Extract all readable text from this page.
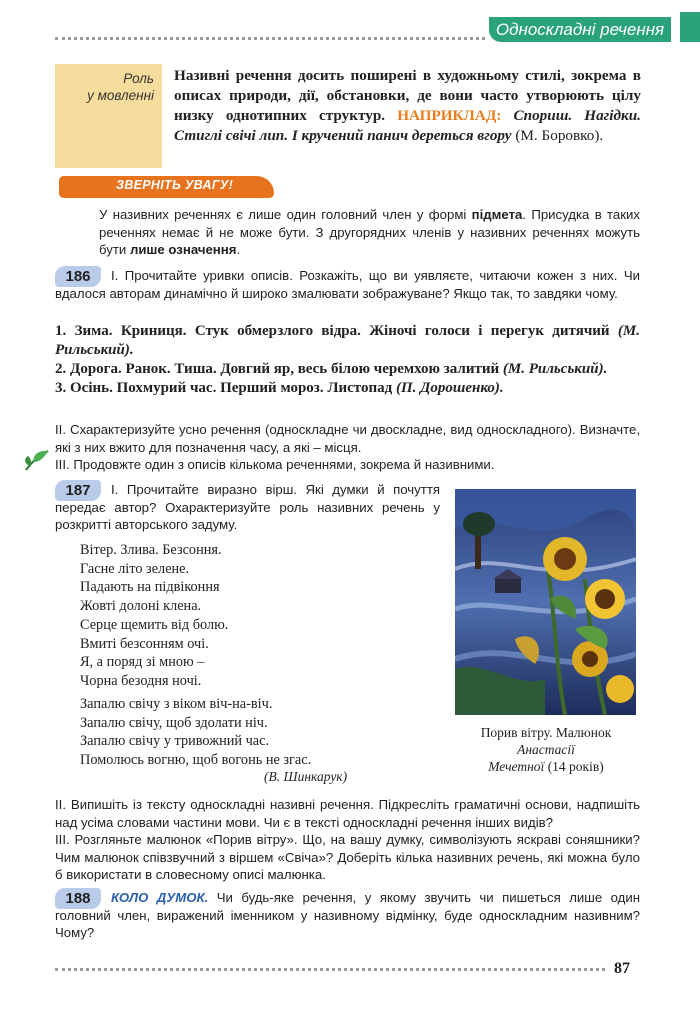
Односкладні речення
Роль
у мовленні
Називні речення досить поширені в художньому стилі, зокрема в описах природи, дії, обстановки, де вони часто утворюють цілу низку однотипних структур. НАПРИКЛАД: Спориш. Нагідки. Стиглі свічі лип. І кручений панич дереться вгору (М. Боровко).
ЗВЕРНІТЬ УВАГУ!
У називних реченнях є лише один головний член у формі підмета. Присудка в таких реченнях немає й не може бути. З другорядних членів у називних реченнях можуть бути лише означення.
186	I. Прочитайте уривки описів. Розкажіть, що ви уявляєте, читаючи кожен з них. Чи вдалося авторам динамічно й широко змалювати зображуване? Якщо так, то завдяки чому.
1. Зима. Криниця. Стук обмерзлого відра. Жіночі голоси і перегук дитячий (М. Рильський).
2. Дорога. Ранок. Тиша. Довгий яр, весь білою черемхою залитий (М. Рильський).
3. Осінь. Похмурий час. Перший мороз. Листопад (П. Дорошенко).
II. Схарактеризуйте усно речення (односкладне чи двоскладне, вид односкладного). Визначте, які з них вжито для позначення часу, а які – місця.
III. Продовжте один з описів кількома реченнями, зокрема й називними.
187	I. Прочитайте виразно вірш. Які думки й почуття передає автор? Охарактеризуйте роль називних речень у розкритті авторського задуму.
Вітер. Злива. Безсоння.
Гасне літо зелене.
Падають на підвіконня
Жовті долоні клена.
Серце щемить від болю.
Вмиті безсонням очі.
Я, а поряд зі мною –
Чорна безодня ночі.
Запалю свічу з віком віч-на-віч.
Запалю свічу, щоб здолати ніч.
Запалю свічу у тривожний час.
Помолюсь вогню, щоб вогонь не згас.
(В. Шинкарук)
Порив вітру. Малюнок
Анастасії
Мечетної (14 років)
II. Випишіть із тексту односкладні називні речення. Підкресліть граматичні основи, надпишіть над усіма словами частини мови. Чи є в тексті односкладні речення інших видів?
III. Розгляньте малюнок «Порив вітру». Що, на вашу думку, символізують яскраві соняшники? Чим малюнок співзвучний з віршем «Свіча»? Доберіть кілька називних речень, які можна було б використати в словесному описі малюнка.
188	КОЛО ДУМОК. Чи будь-яке речення, у якому звучить чи пишеться лише один головний член, виражений іменником у називному відмінку, буде односкладним називним? Чому?
87
